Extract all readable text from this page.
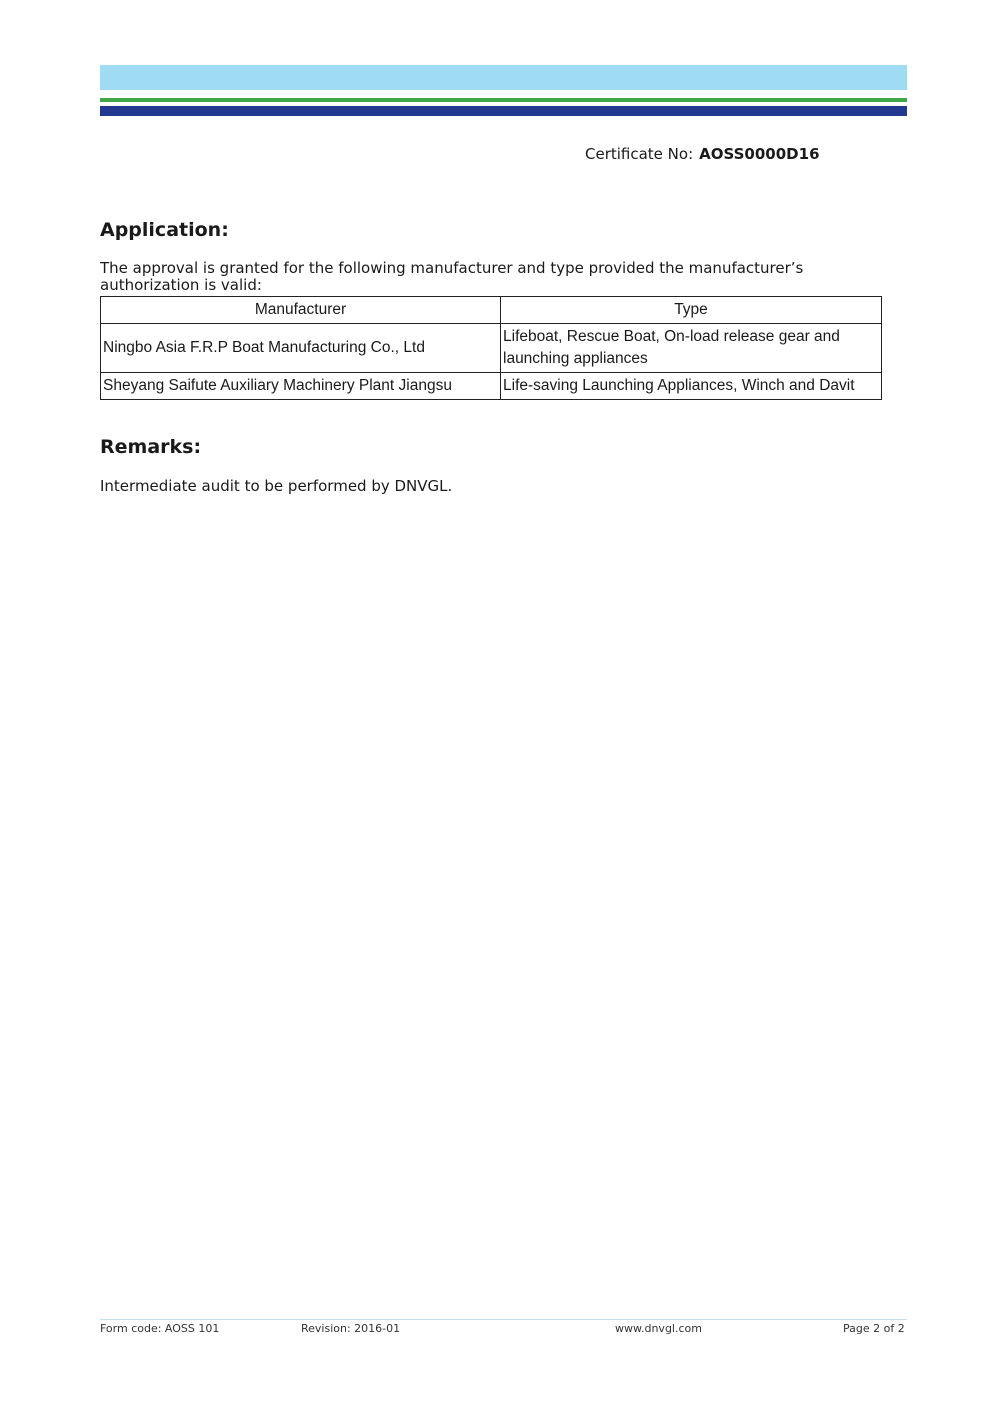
Certificate No: AOSS0000D16
Application:
The approval is granted for the following manufacturer and type provided the manufacturer’s authorization is valid:
Manufacturer	Type
Ningbo Asia F.R.P Boat Manufacturing Co., Ltd	Lifeboat, Rescue Boat, On-load release gear and launching appliances
Sheyang Saifute Auxiliary Machinery Plant Jiangsu	Life-saving Launching Appliances, Winch and Davit
Remarks:
Intermediate audit to be performed by DNVGL.
Form code: AOSS 101	Revision: 2016-01	www.dnvgl.com	Page 2 of 2
